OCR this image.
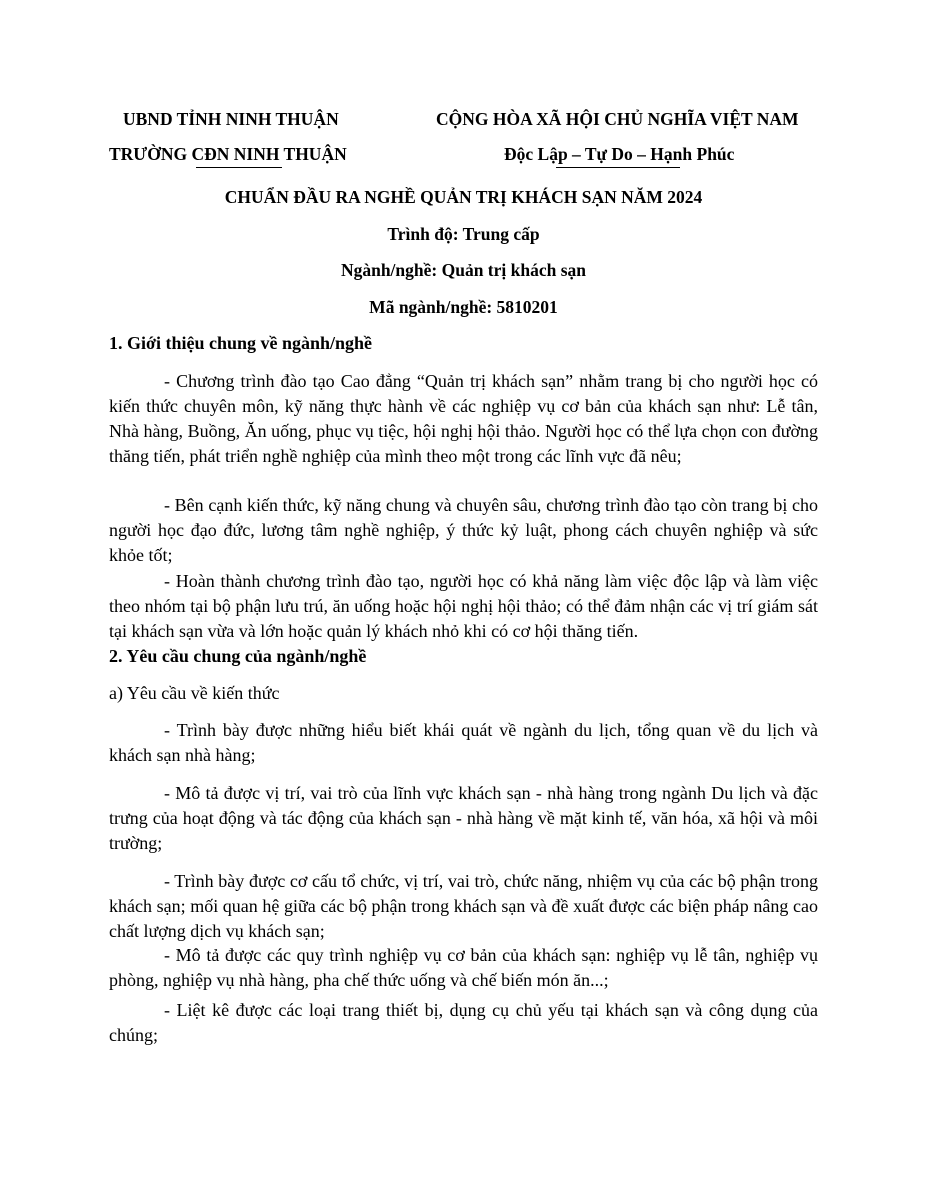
UBND TỈNH NINH THUẬN
TRƯỜNG CĐN NINH THUẬN
CỘNG HÒA XÃ HỘI CHỦ NGHĨA VIỆT NAM
Độc Lập – Tự Do – Hạnh Phúc
CHUẨN ĐẦU RA NGHỀ QUẢN TRỊ KHÁCH SẠN NĂM 2024
Trình độ: Trung cấp
Ngành/nghề: Quản trị khách sạn
Mã ngành/nghề: 5810201
1. Giới thiệu chung về ngành/nghề

- Chương trình đào tạo Cao đẳng “Quản trị khách sạn” nhằm trang bị cho người học có kiến thức chuyên môn, kỹ năng thực hành về các nghiệp vụ cơ bản của khách sạn như: Lễ tân, Nhà hàng, Buồng, Ăn uống, phục vụ tiệc, hội nghị hội thảo. Người học có thể lựa chọn con đường thăng tiến, phát triển nghề nghiệp của mình theo một trong các lĩnh vực đã nêu;

- Bên cạnh kiến thức, kỹ năng chung và chuyên sâu, chương trình đào tạo còn trang bị cho người học đạo đức, lương tâm nghề nghiệp, ý thức kỷ luật, phong cách chuyên nghiệp và sức khỏe tốt;

- Hoàn thành chương trình đào tạo, người học có khả năng làm việc độc lập và làm việc theo nhóm tại bộ phận lưu trú, ăn uống hoặc hội nghị hội thảo; có thể đảm nhận các vị trí giám sát tại khách sạn vừa và lớn hoặc quản lý khách nhỏ khi có cơ hội thăng tiến.

2. Yêu cầu chung của ngành/nghề
a) Yêu cầu về kiến thức

- Trình bày được những hiểu biết khái quát về ngành du lịch, tổng quan về du lịch và khách sạn nhà hàng;

- Mô tả được vị trí, vai trò của lĩnh vực khách sạn - nhà hàng trong ngành Du lịch và đặc trưng của hoạt động và tác động của khách sạn - nhà hàng về mặt kinh tế, văn hóa, xã hội và môi trường;

- Trình bày được cơ cấu tổ chức, vị trí, vai trò, chức năng, nhiệm vụ của các bộ phận trong khách sạn; mối quan hệ giữa các bộ phận trong khách sạn và đề xuất được các biện pháp nâng cao chất lượng dịch vụ khách sạn;

- Mô tả được các quy trình nghiệp vụ cơ bản của khách sạn: nghiệp vụ lễ tân, nghiệp vụ phòng, nghiệp vụ nhà hàng, pha chế thức uống và chế biến món ăn...;

- Liệt kê được các loại trang thiết bị, dụng cụ chủ yếu tại khách sạn và công dụng của chúng;
